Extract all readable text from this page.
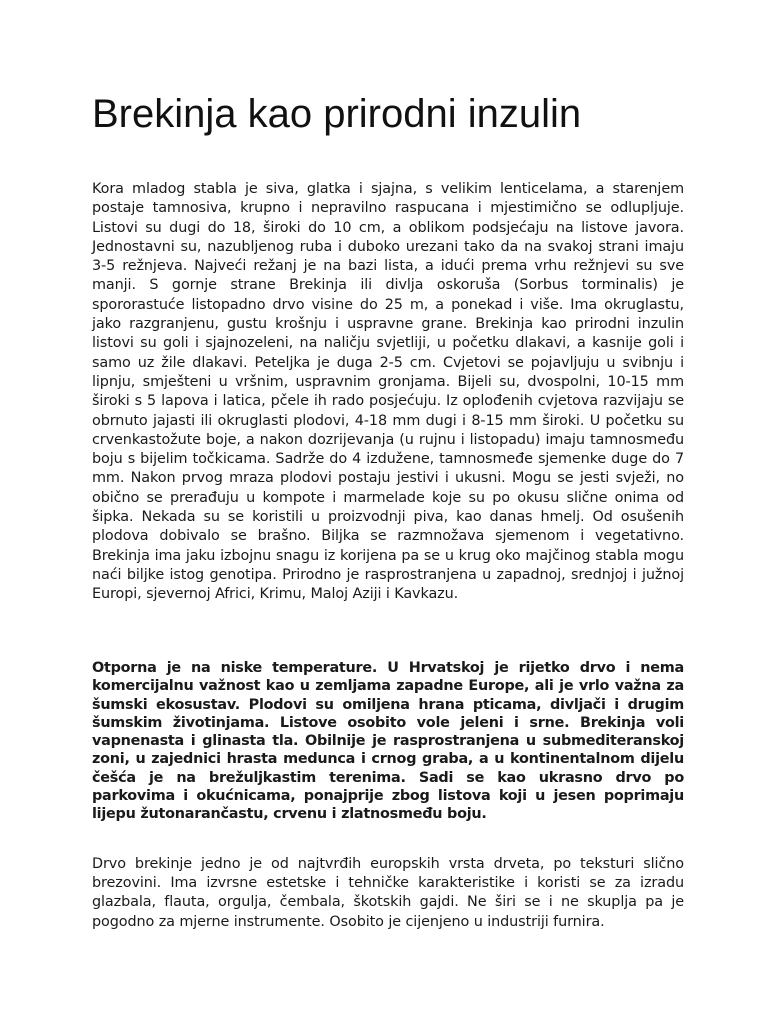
Brekinja kao prirodni inzulin

Kora mladog stabla je siva, glatka i sjajna, s velikim lenticelama, a starenjem postaje tamnosiva, krupno i nepravilno raspucana i mjestimično se odlupljuje. Listovi su dugi do 18, široki do 10 cm, a oblikom podsjećaju na listove javora. Jednostavni su, nazubljenog ruba i duboko urezani tako da na svakoj strani imaju 3-5 režnjeva. Najveći režanj je na bazi lista, a idući prema vrhu režnjevi su sve manji. S gornje strane Brekinja ili divlja oskoruša (Sorbus torminalis) je spororastuće listopadno drvo visine do 25 m, a ponekad i više. Ima okruglastu, jako razgranjenu, gustu krošnju i uspravne grane. Brekinja kao prirodni inzulin listovi su goli i sjajnozeleni, na naličju svjetliji, u početku dlakavi, a kasnije goli i samo uz žile dlakavi. Peteljka je duga 2-5 cm. Cvjetovi se pojavljuju u svibnju i lipnju, smješteni u vršnim, uspravnim gronjama. Bijeli su, dvospolni, 10-15 mm široki s 5 lapova i latica, pčele ih rado posjećuju. Iz oplođenih cvjetova razvijaju se obrnuto jajasti ili okruglasti plodovi, 4-18 mm dugi i 8-15 mm široki. U početku su crvenkastožute boje, a nakon dozrijevanja (u rujnu i listopadu) imaju tamnosmeđu boju s bijelim točkicama. Sadrže do 4 izdužene, tamnosmeđe sjemenke duge do 7 mm. Nakon prvog mraza plodovi postaju jestivi i ukusni. Mogu se jesti svježi, no obično se prerađuju u kompote i marmelade koje su po okusu slične onima od šipka. Nekada su se koristili u proizvodnji piva, kao danas hmelj. Od osušenih plodova dobivalo se brašno. Biljka se razmnožava sjemenom i vegetativno. Brekinja ima jaku izbojnu snagu iz korijena pa se u krug oko majčinog stabla mogu naći biljke istog genotipa. Prirodno je rasprostranjena u zapadnoj, srednjoj i južnoj Europi, sjevernoj Africi, Krimu, Maloj Aziji i Kavkazu.

Otporna je na niske temperature. U Hrvatskoj je rijetko drvo i nema komercijalnu važnost kao u zemljama zapadne Europe, ali je vrlo važna za šumski ekosustav. Plodovi su omiljena hrana pticama, divljači i drugim šumskim životinjama. Listove osobito vole jeleni i srne. Brekinja voli vapnenasta i glinasta tla. Obilnije je rasprostranjena u submediteranskoj zoni, u zajednici hrasta medunca i crnog graba, a u kontinentalnom dijelu češća je na brežuljkastim terenima. Sadi se kao ukrasno drvo po parkovima i okućnicama, ponajprije zbog listova koji u jesen poprimaju lijepu žutonarančastu, crvenu i zlatnosmeđu boju.

Drvo brekinje jedno je od najtvrđih europskih vrsta drveta, po teksturi slično brezovini. Ima izvrsne estetske i tehničke karakteristike i koristi se za izradu glazbala, flauta, orgulja, čembala, škotskih gajdi. Ne širi se i ne skuplja pa je pogodno za mjerne instrumente. Osobito je cijenjeno u industriji furnira.
